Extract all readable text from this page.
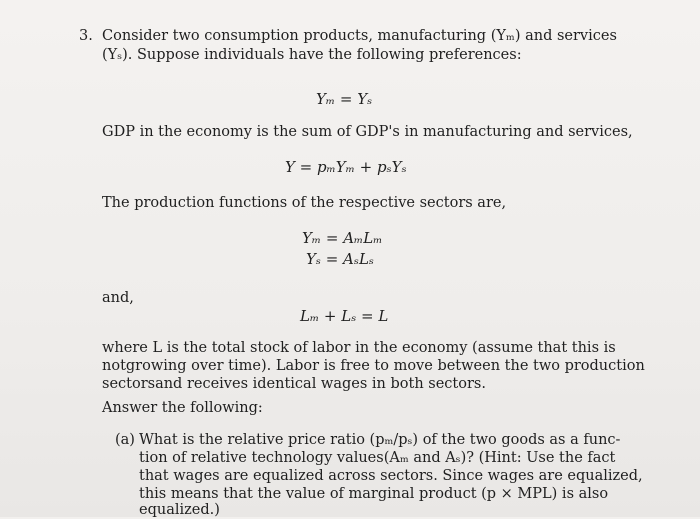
3. Consider two consumption products, manufacturing (Yₘ) and services
(Yₛ). Suppose individuals have the following preferences:
Yₘ = Yₛ
GDP in the economy is the sum of GDP's in manufacturing and services,
Y = pₘYₘ + pₛYₛ
The production functions of the respective sectors are,
Yₘ = AₘLₘ
Yₛ = AₛLₛ
and,
Lₘ + Lₛ = L
where L is the total stock of labor in the economy (assume that this is
notgrowing over time). Labor is free to move between the two production
sectorsand receives identical wages in both sectors.
Answer the following:
(a) What is the relative price ratio (pₘ/pₛ) of the two goods as a func-
tion of relative technology values(Aₘ and Aₛ)? (Hint: Use the fact
that wages are equalized across sectors. Since wages are equalized,
this means that the value of marginal product (p × MPL) is also
equalized.)
